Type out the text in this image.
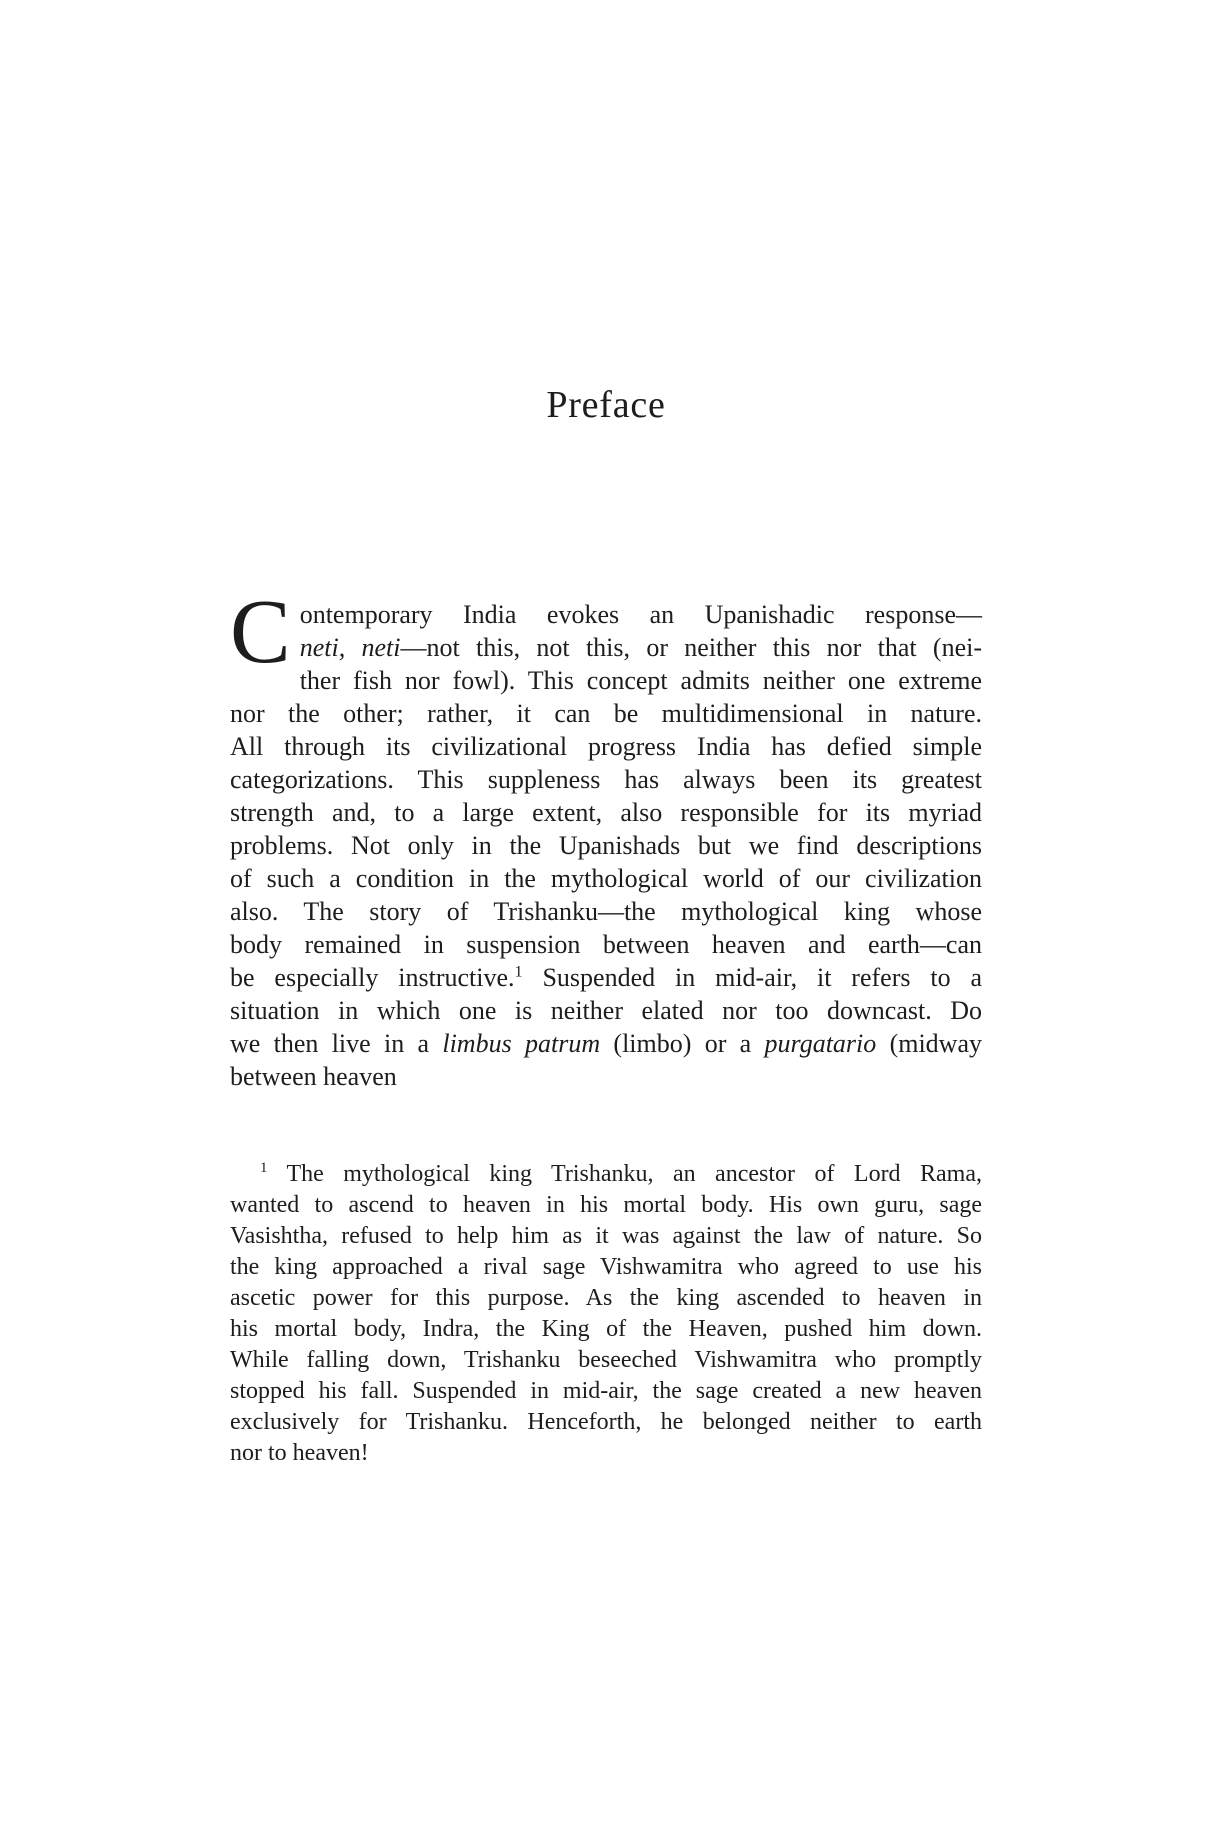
Preface
C ontemporary India evokes an Upanishadic response—
neti, neti—not this, not this, or neither this nor that (nei-
ther fish nor fowl). This concept admits neither one extreme
nor the other; rather, it can be multidimensional in nature.
All through its civilizational progress India has defied simple
categorizations. This suppleness has always been its greatest
strength and, to a large extent, also responsible for its myriad
problems. Not only in the Upanishads but we find descriptions
of such a condition in the mythological world of our civilization
also. The story of Trishanku—the mythological king whose
body remained in suspension between heaven and earth—can
be especially instructive.$^1$ Suspended in mid-air, it refers to a
situation in which one is neither elated nor too downcast. Do
we then live in a limbus patrum (limbo) or a purgatario (midway
between heaven
$^1$ The mythological king Trishanku, an ancestor of Lord Rama,
wanted to ascend to heaven in his mortal body. His own guru, sage
Vasishtha, refused to help him as it was against the law of nature. So
the king approached a rival sage Vishwamitra who agreed to use his
ascetic power for this purpose. As the king ascended to heaven in
his mortal body, Indra, the King of the Heaven, pushed him down.
While falling down, Trishanku beseeched Vishwamitra who promptly
stopped his fall. Suspended in mid-air, the sage created a new heaven
exclusively for Trishanku. Henceforth, he belonged neither to earth
nor to heaven!
